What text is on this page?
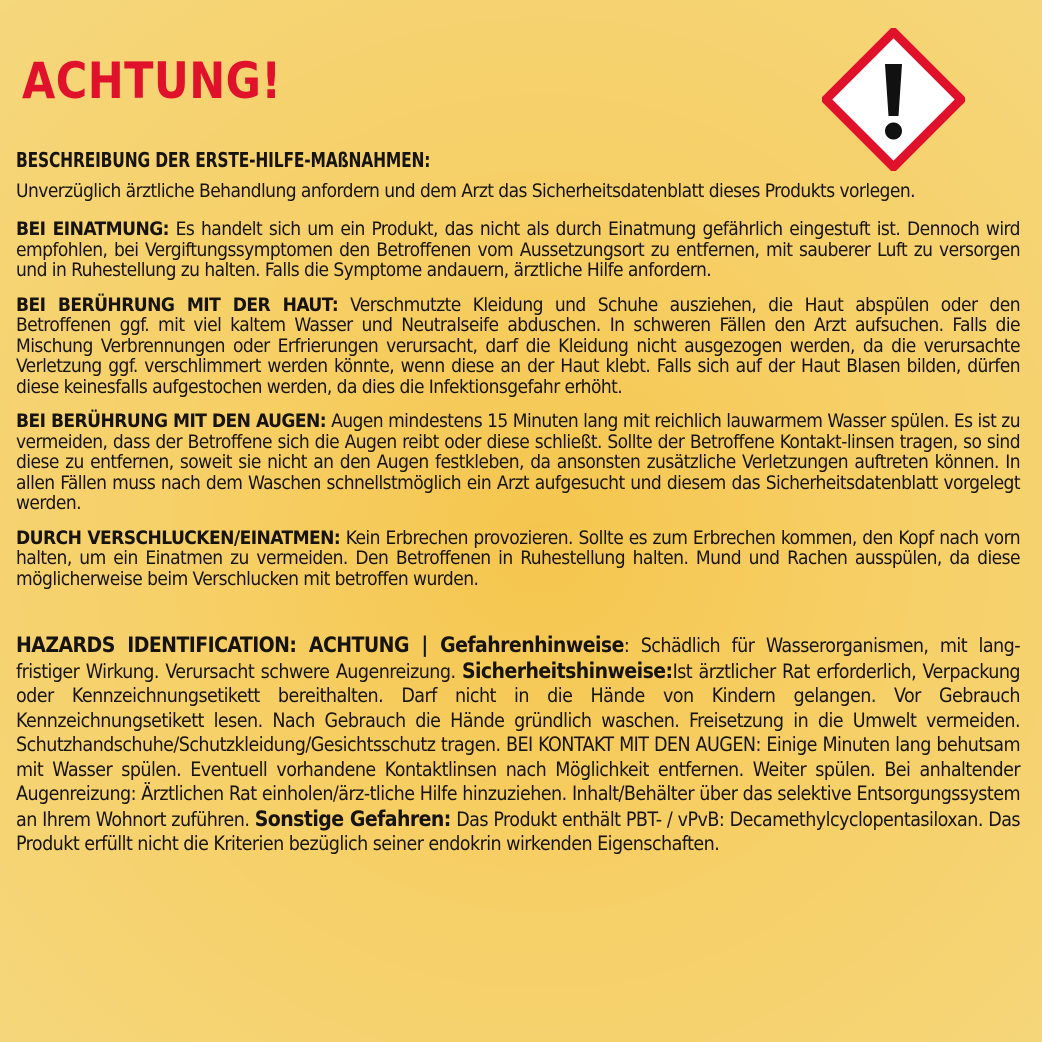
ACHTUNG!
BESCHREIBUNG DER ERSTE-HILFE-MAßNAHMEN:

Unverzüglich ärztliche Behandlung anfordern und dem Arzt das Sicherheitsdatenblatt dieses Produkts vorlegen.

BEI EINATMUNG: Es handelt sich um ein Produkt, das nicht als durch Einatmung gefährlich eingestuft ist. Dennoch wird empfohlen, bei Vergiftungssymptomen den Betroffenen vom Aussetzungsort zu entfernen, mit sauberer Luft zu versorgen und in Ruhestellung zu halten. Falls die Symptome andauern, ärztliche Hilfe anfordern.

BEI BERÜHRUNG MIT DER HAUT: Verschmutzte Kleidung und Schuhe ausziehen, die Haut abspülen oder den Betroffenen ggf. mit viel kaltem Wasser und Neutralseife abduschen. In schweren Fällen den Arzt aufsuchen. Falls die Mischung Verbrennungen oder Erfrierungen verursacht, darf die Kleidung nicht ausgezogen werden, da die verursachte Verletzung ggf. verschlimmert werden könnte, wenn diese an der Haut klebt. Falls sich auf der Haut Blasen bilden, dürfen diese keinesfalls aufgestochen werden, da dies die Infektionsgefahr erhöht.

BEI BERÜHRUNG MIT DEN AUGEN: Augen mindestens 15 Minuten lang mit reichlich lauwarmem Wasser spülen. Es ist zu vermeiden, dass der Betroffene sich die Augen reibt oder diese schließt. Sollte der Betroffene Kontakt-linsen tragen, so sind diese zu entfernen, soweit sie nicht an den Augen festkleben, da ansonsten zusätzliche Verletzungen auftreten können. In allen Fällen muss nach dem Waschen schnellstmöglich ein Arzt aufgesucht und diesem das Sicherheitsdatenblatt vorgelegt werden.

DURCH VERSCHLUCKEN/EINATMEN: Kein Erbrechen provozieren. Sollte es zum Erbrechen kommen, den Kopf nach vorn halten, um ein Einatmen zu vermeiden. Den Betroffenen in Ruhestellung halten. Mund und Rachen ausspülen, da diese möglicherweise beim Verschlucken mit betroffen wurden.

HAZARDS IDENTIFICATION: ACHTUNG | Gefahrenhinweise: Schädlich für Wasserorganismen, mit lang-fristiger Wirkung. Verursacht schwere Augenreizung. Sicherheitshinweise:Ist ärztlicher Rat erforderlich, Verpackung oder Kennzeichnungsetikett bereithalten. Darf nicht in die Hände von Kindern gelangen. Vor Gebrauch Kennzeichnungsetikett lesen. Nach Gebrauch die Hände gründlich waschen. Freisetzung in die Umwelt vermeiden. Schutzhandschuhe/Schutzkleidung/Gesichtsschutz tragen. BEI KONTAKT MIT DEN AUGEN: Einige Minuten lang behutsam mit Wasser spülen. Eventuell vorhandene Kontaktlinsen nach Möglichkeit entfernen. Weiter spülen. Bei anhaltender Augenreizung: Ärztlichen Rat einholen/ärz-tliche Hilfe hinzuziehen. Inhalt/Behälter über das selektive Entsorgungssystem an Ihrem Wohnort zuführen. Sonstige Gefahren: Das Produkt enthält PBT- / vPvB: Decamethylcyclopentasiloxan. Das Produkt erfüllt nicht die Kriterien bezüglich seiner endokrin wirkenden Eigenschaften.
